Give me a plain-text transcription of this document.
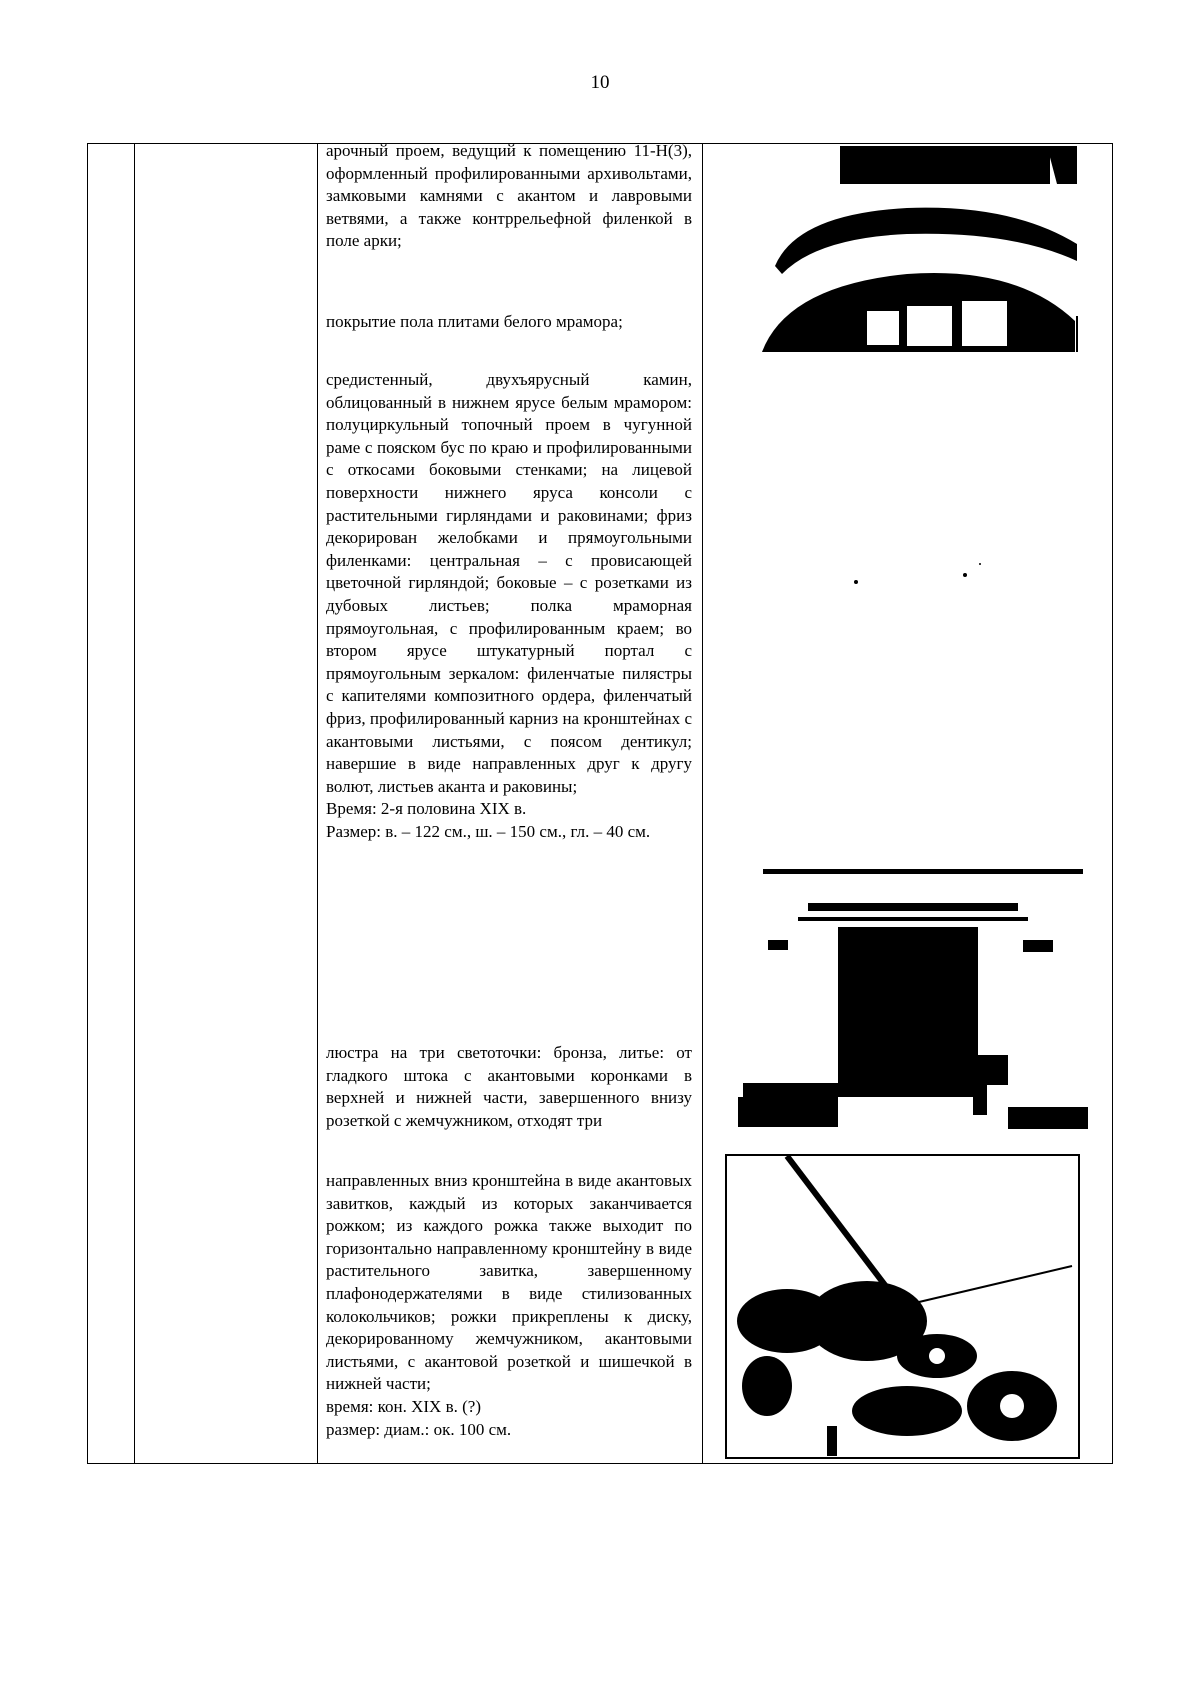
10

арочный проем, ведущий к помещению 11-Н(3), оформленный профилированными архивольтами, замковыми камнями с акантом и лавровыми ветвями, а также контррельефной филенкой в поле арки;

покрытие пола плитами белого мрамора;

средистенный, двухъярусный камин, облицованный в нижнем ярусе белым мрамором: полуциркульный топочный проем в чугунной раме с пояском бус по краю и профилированными с откосами боковыми стенками; на лицевой поверхности нижнего яруса консоли с растительными гирляндами и раковинами; фриз декорирован желобками и прямоугольными филенками: центральная – с провисающей цветочной гирляндой; боковые – с розетками из дубовых листьев; полка мраморная прямоугольная, с профилированным краем; во втором ярусе штукатурный портал с прямоугольным зеркалом: филенчатые пилястры с капителями композитного ордера, филенчатый фриз, профилированный карниз на кронштейнах с акантовыми листьями, с поясом дентикул; навершие в виде направленных друг к другу волют, листьев аканта и раковины;

Время: 2-я половина XIX в.

Размер: в. – 122 см., ш. – 150 см., гл. – 40 см.

люстра на три светоточки: бронза, литье: от гладкого штока с акантовыми коронками в верхней и нижней части, завершенного внизу розеткой с жемчужником, отходят три

направленных вниз кронштейна в виде акантовых завитков, каждый из которых заканчивается рожком; из каждого рожка также выходит по горизонтально направленному кронштейну в виде растительного завитка, завершенному плафонодержателями в виде стилизованных колокольчиков; рожки прикреплены к диску, декорированному жемчужником, акантовыми листьями, с акантовой розеткой и шишечкой в нижней части;

время: кон. XIX в. (?)

размер: диам.: ок. 100 см.
